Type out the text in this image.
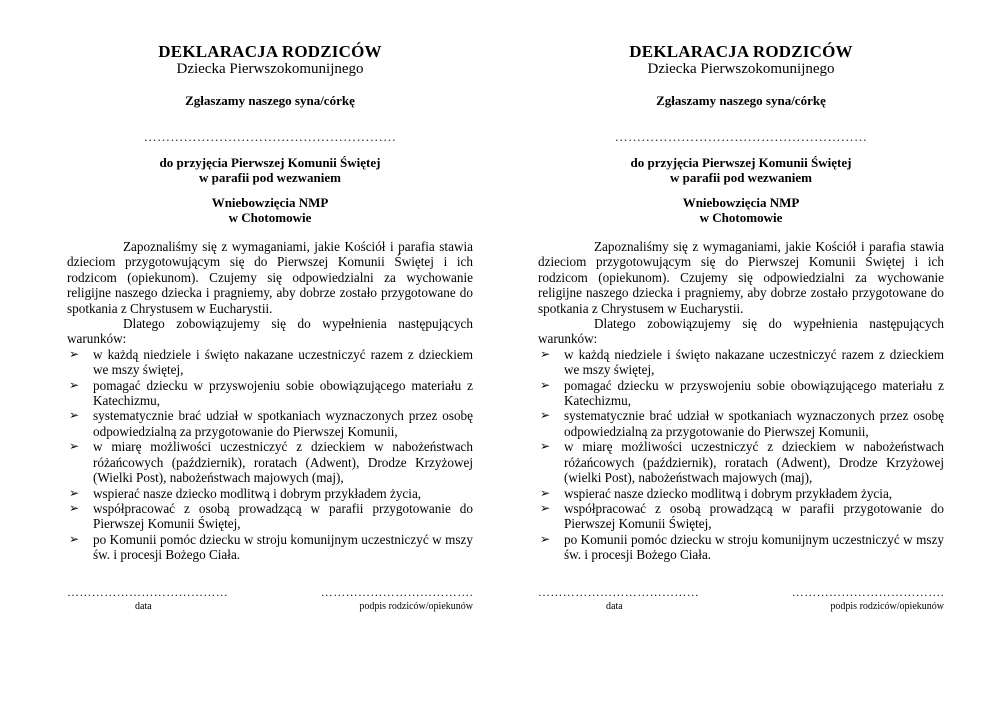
DEKLARACJA RODZICÓW
Dziecka Pierwszokomunijnego
Zgłaszamy naszego syna/córkę
…………………………………………………
do przyjęcia Pierwszej Komunii Świętej
w parafii pod wezwaniem
Wniebowzięcia NMP
w Chotomowie

Zapoznaliśmy się z wymaganiami, jakie Kościół i parafia stawia dzieciom przygotowującym się do Pierwszej Komunii Świętej i ich rodzicom (opiekunom). Czujemy się odpowiedzialni za wychowanie religijne naszego dziecka i pragniemy, aby dobrze zostało przygotowane do spotkania z Chrystusem w Eucharystii.

Dlatego zobowiązujemy się do wypełnienia następujących warunków:

➢ w każdą niedziele i święto nakazane uczestniczyć razem z dzieckiem we mszy świętej,
➢ pomagać dziecku w przyswojeniu sobie obowiązującego materiału z Katechizmu,
➢ systematycznie brać udział w spotkaniach wyznaczonych przez osobę odpowiedzialną za przygotowanie do Pierwszej Komunii,
➢ w miarę możliwości uczestniczyć z dzieckiem w nabożeństwach różańcowych (październik), roratach (Adwent), Drodze Krzyżowej (Wielki Post), nabożeństwach majowych (maj),
➢ wspierać nasze dziecko modlitwą i dobrym przykładem życia,
➢ współpracować z osobą prowadzącą w parafii przygotowanie do Pierwszej Komunii Świętej,
➢ po Komunii pomóc dziecku w stroju komunijnym uczestniczyć w mszy św. i procesji Bożego Ciała.
…………………………………
data
……………………………….
podpis rodziców/opiekunów
DEKLARACJA RODZICÓW
Dziecka Pierwszokomunijnego
Zgłaszamy naszego syna/córkę
…………………………………………………
do przyjęcia Pierwszej Komunii Świętej
w parafii pod wezwaniem
Wniebowzięcia NMP
w Chotomowie

Zapoznaliśmy się z wymaganiami, jakie Kościół i parafia stawia dzieciom przygotowującym się do Pierwszej Komunii Świętej i ich rodzicom (opiekunom). Czujemy się odpowiedzialni za wychowanie religijne naszego dziecka i pragniemy, aby dobrze zostało przygotowane do spotkania z Chrystusem w Eucharystii.

Dlatego zobowiązujemy się do wypełnienia następujących warunków:

➢ w każdą niedziele i święto nakazane uczestniczyć razem z dzieckiem we mszy świętej,
➢ pomagać dziecku w przyswojeniu sobie obowiązującego materiału z Katechizmu,
➢ systematycznie brać udział w spotkaniach wyznaczonych przez osobę odpowiedzialną za przygotowanie do Pierwszej Komunii,
➢ w miarę możliwości uczestniczyć z dzieckiem w nabożeństwach różańcowych (październik), roratach (Adwent), Drodze Krzyżowej (wielki Post), nabożeństwach majowych (maj),
➢ wspierać nasze dziecko modlitwą i dobrym przykładem życia,
➢ współpracować z osobą prowadzącą w parafii przygotowanie do Pierwszej Komunii Świętej,
➢ po Komunii pomóc dziecku w stroju komunijnym uczestniczyć w mszy św. i procesji Bożego Ciała.
…………………………………
data
……………………………….
podpis rodziców/opiekunów
